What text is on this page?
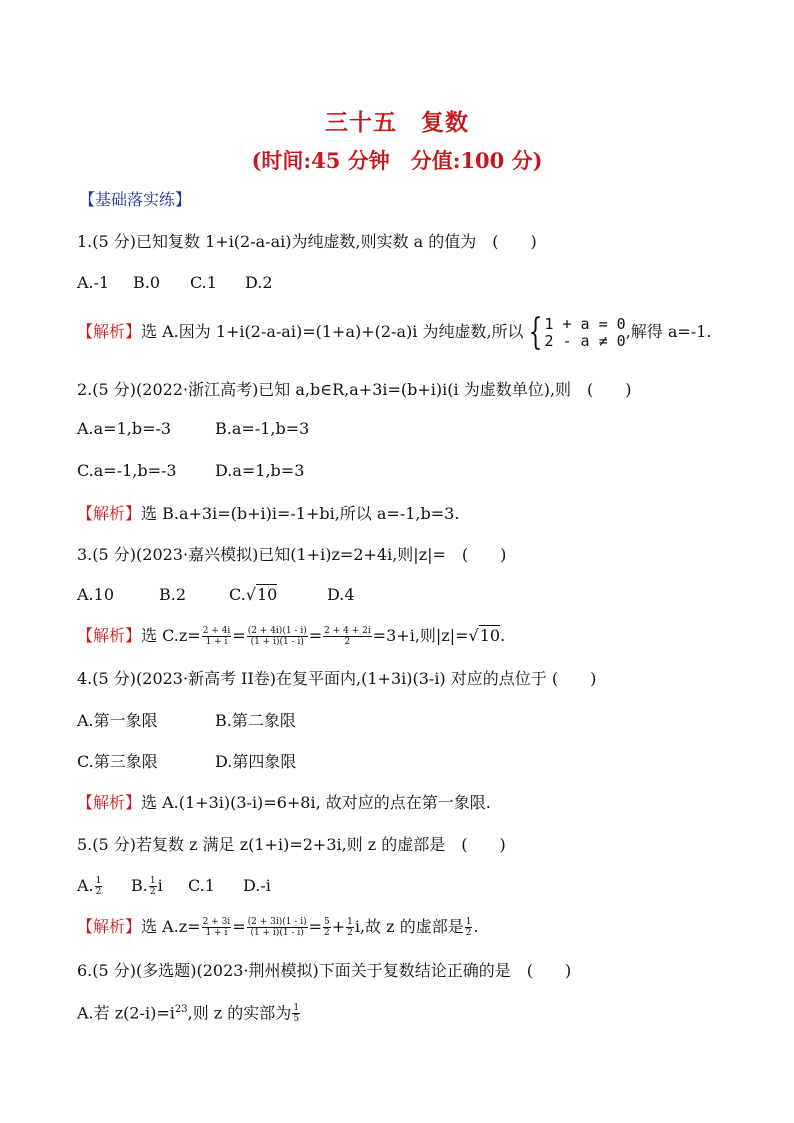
三十五　复数
(时间:45 分钟　分值:100 分)
【基础落实练】
1.(5 分)已知复数 1+i(2-a-ai)为纯虚数,则实数 a 的值为　(　　)
A.-1 B.0 C.1 D.2
【解析】选 A.因为 1+i(2-a-ai)=(1+a)+(2-a)i 为纯虚数,所以 { 1 + a = 0
2 - a ≠ 0 ,解得 a=-1.
2.(5 分)(2022·浙江高考)已知 a,b∈R,a+3i=(b+i)i(i 为虚数单位),则　(　　)
A.a=1,b=-3	B.a=-1,b=3
C.a=-1,b=-3 D.a=1,b=3
【解析】选 B.a+3i=(b+i)i=-1+bi,所以 a=-1,b=3.
3.(5 分)(2023·嘉兴模拟)已知(1+i)z=2+4i,则|z|=　(　　)
A.10	B.2	C.√10	D.4
【解析】选 $C.z= \frac{2 + 4i}{1 + i} = \frac{(2 + 4i)(1 - i)}{(1 + i)(1 - i)} = \frac{2 + 4 + 2i}{2} =3+i$,则|z|=√10.
4.(5 分)(2023·新高考 II卷)在复平面内,(1+3i)(3-i) 对应的点位于 (　　)
A.第一象限	B.第二象限
C.第三象限	D.第四象限
【解析】选 A.(1+3i)(3-i)=6+8i, 故对应的点在第一象限.
5.(5 分)若复数 z 满足 z(1+i)=2+3i,则 z 的虚部是　(　　)
A. $\frac{1}{2} B$. $\frac{1}{2}$ i C.1 D.-i
【解析】选 $A.z= \frac{2 + 3i}{1 + i} = \frac{(2 + 3i)(1 - i)}{(1 + i)(1 - i)} = \frac{5}{2} + \frac{1}{2} i$,故 z 的虚部是 $\frac{1}{2}$ .
6.(5 分)(多选题)(2023·荆州模拟)下面关于复数结论正确的是　(　　)
A.若 $z(2-i)=i^{23}$,则 z 的实部为 $\frac{1}{5}$
